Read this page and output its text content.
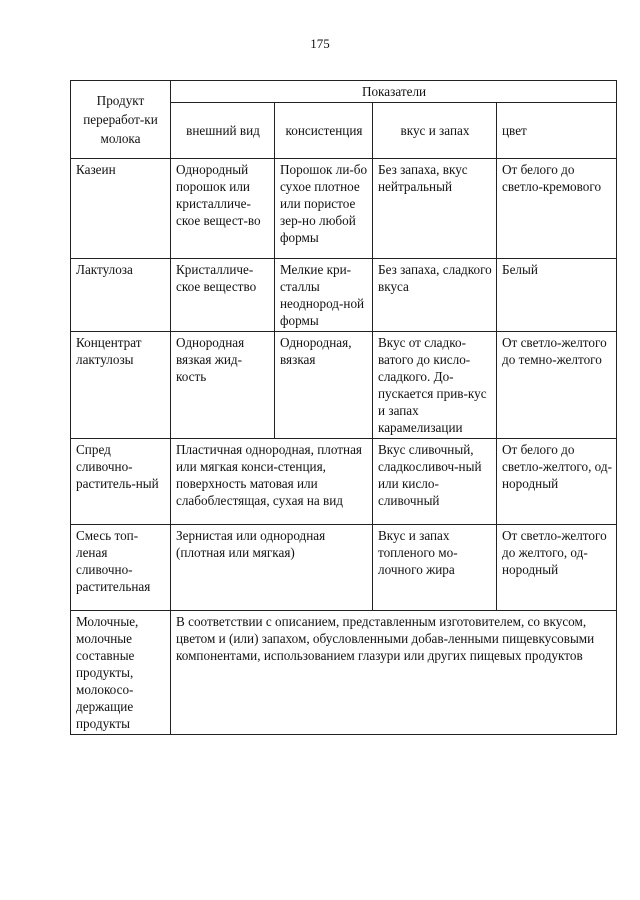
175
Продукт переработ-ки молока	Показатели			
	внешний вид	консистенция	вкус и запах	цвет
Казеин	Однородный порошок или кристалличе-ское вещест-во	Порошок ли-бо сухое плотное или пористое зер-но любой формы	Без запаха, вкус нейтральный	От белого до светло-кремового
Лактулоза	Кристалличе-ское вещество	Мелкие кри-сталлы неоднород-ной формы	Без запаха, сладкого вкуса	Белый
Концентрат лактулозы	Однородная вязкая жид-кость	Однородная, вязкая	Вкус от сладко-ватого до кисло-сладкого. До-пускается прив-кус и запах карамелизации	От светло-желтого до темно-желтого
Спред сливочно-раститель-ный	Пластичная однородная, плотная или мягкая конси-стенция, поверхность матовая или слабоблестящая, сухая на вид		Вкус сливочный, сладкосливоч-ный или кисло-сливочный	От белого до светло-желтого, од-нородный
Смесь топ-леная сливочно-растительная	Зернистая или однородная (плотная или мягкая)		Вкус и запах топленого мо-лочного жира	От светло-желтого до желтого, од-нородный
Молочные, молочные составные продукты, молокосо-держащие продукты	В соответствии с описанием, представленным изготовителем, со вкусом, цветом и (или) запахом, обусловленными добав-ленными пищевкусовыми компонентами, использованием глазури или других пищевых продуктов			
